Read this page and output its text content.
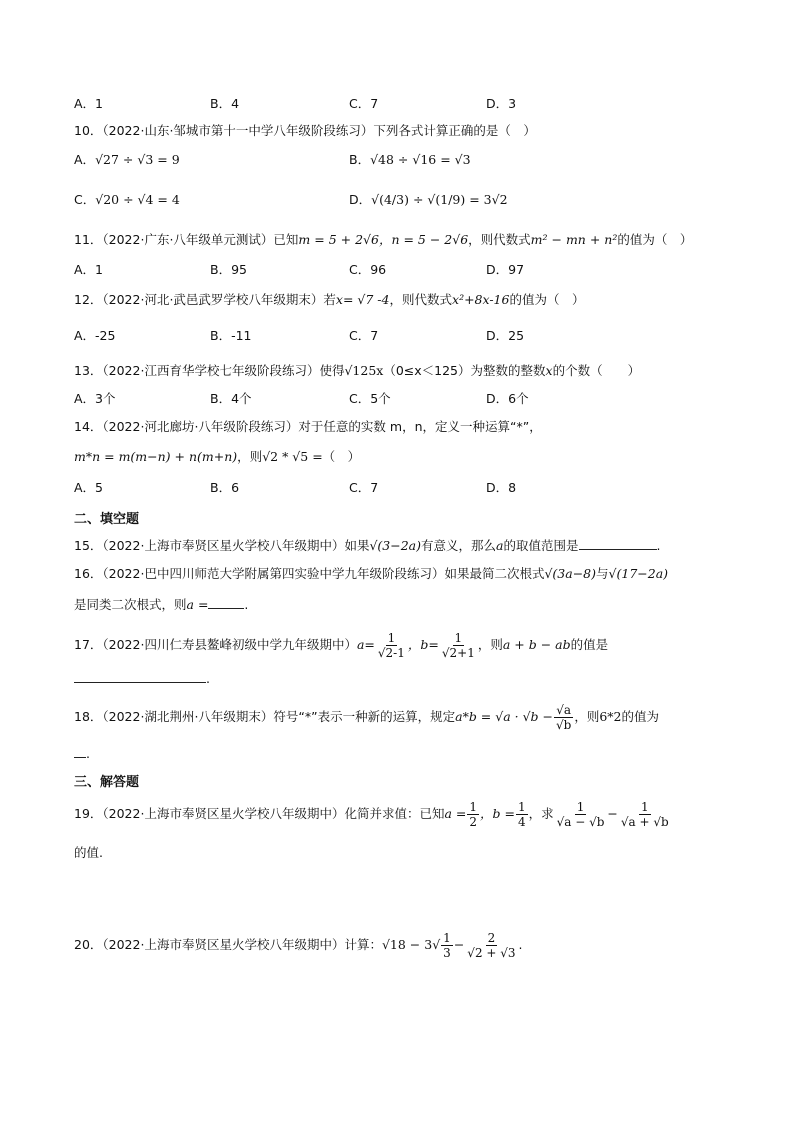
A．1	B．4	C．7	D．3
10．（2022·山东·邹城市第十一中学八年级阶段练习）下列各式计算正确的是（　）
A．√27 ÷ √3 = 9	B．√48 ÷ √16 = √3
C．√20 ÷ √4 = 4	D．√(4/3) ÷ √(1/9) = 3√2
11．（2022·广东·八年级单元测试）已知m = 5 + 2√6，n = 5 − 2√6，则代数式m² − mn + n²的值为（　）
A．1	B．95	C．96	D．97
12．（2022·河北·武邑武罗学校八年级期末）若x= √7 -4，则代数式x²+8x-16的值为（　）
A．-25	B．-11	C．7	D．25
13．（2022·江西育华学校七年级阶段练习）使得√125x（0≤x＜125）为整数的整数x的个数（　　）
A．3个	B．4个	C．5个	D．6个
14．（2022·河北廊坊·八年级阶段练习）对于任意的实数 m，n，定义一种运算“*”，
m*n = m(m−n) + n(m+n)，则√2 * √5 =（　）
A．5	B．6	C．7	D．8
二、填空题
15．（2022·上海市奉贤区星火学校八年级期中）如果√(3−2a)有意义，那么a的取值范围是	.
16．（2022·巴中四川师范大学附属第四实验中学九年级阶段练习）如果最简二次根式√(3a−8)与√(17−2a)
是同类二次根式，则a =	.
17．（2022·四川仁寿县鳌峰初级中学九年级期中）$a= \frac{1}{√2-1}$ ，$b= \frac{1}{√2+1}$ ，则a + b − ab的值是
.
18．（2022·湖北荆州·八年级期末）符号“*”表示一种新的运算，规定$a*b = √a \cdot √b - \frac{√a}{√b}$ ，则6*2的值为
.
三、解答题
19．（2022·上海市奉贤区星火学校八年级期中）化简并求值：已知$a = \frac{1}{2}$ ，$b = \frac{1}{4}$ ，求 $\frac{1}{√a - √b} - \frac{1}{√a + √b}$
的值.
20．（2022·上海市奉贤区星火学校八年级期中）计算：$√18 - 3√ \frac{1}{3} - \frac{2}{√2 + √3}$ .
